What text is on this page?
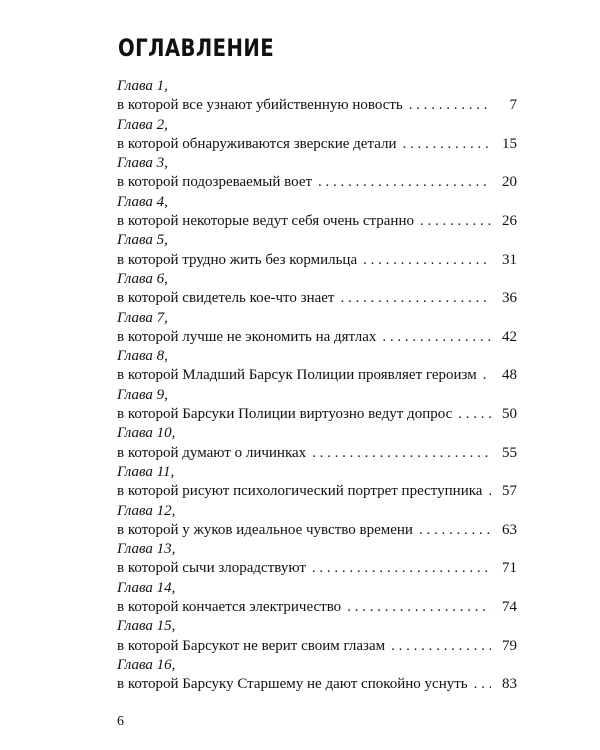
ОГЛАВЛЕНИЕ
Глава 1,
в которой все узнают убийственную новость . . .	7
Глава 2,
в которой обнаруживаются зверские детали . . .	15
Глава 3,
в которой подозреваемый воет . . .	20
Глава 4,
в которой некоторые ведут себя очень странно . . .	26
Глава 5,
в которой трудно жить без кормильца . . .	31
Глава 6,
в которой свидетель кое-что знает . . .	36
Глава 7,
в которой лучше не экономить на дятлах . . .	42
Глава 8,
в которой Младший Барсук Полиции проявляет героизм . . .	48
Глава 9,
в которой Барсуки Полиции виртуозно ведут допрос . . .	50
Глава 10,
в которой думают о личинках . . .	55
Глава 11,
в которой рисуют психологический портрет преступника . . .	57
Глава 12,
в которой у жуков идеальное чувство времени . . .	63
Глава 13,
в которой сычи злорадствуют . . .	71
Глава 14,
в которой кончается электричество . . .	74
Глава 15,
в которой Барсукот не верит своим глазам . . .	79
Глава 16,
в которой Барсуку Старшему не дают спокойно уснуть . . .	83
6
